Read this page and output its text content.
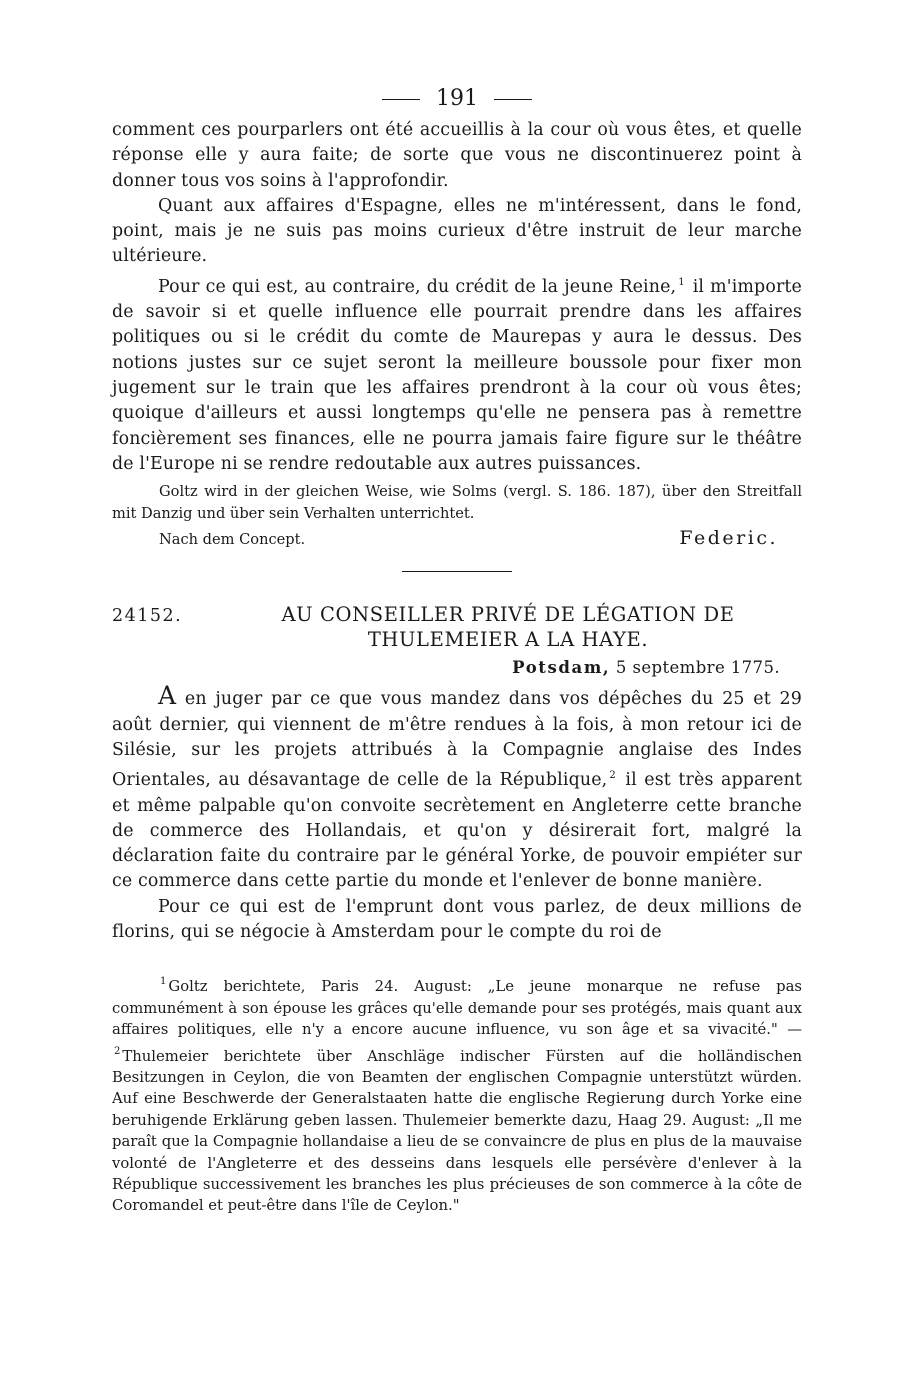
191

comment ces pourparlers ont été accueillis à la cour où vous êtes, et quelle réponse elle y aura faite; de sorte que vous ne discontinuerez point à donner tous vos soins à l'approfondir.

Quant aux affaires d'Espagne, elles ne m'intéressent, dans le fond, point, mais je ne suis pas moins curieux d'être instruit de leur marche ultérieure.

Pour ce qui est, au contraire, du crédit de la jeune Reine, $^1$ il m'importe de savoir si et quelle influence elle pourrait prendre dans les affaires politiques ou si le crédit du comte de Maurepas y aura le dessus. Des notions justes sur ce sujet seront la meilleure boussole pour fixer mon jugement sur le train que les affaires prendront à la cour où vous êtes; quoique d'ailleurs et aussi longtemps qu'elle ne pensera pas à remettre foncièrement ses finances, elle ne pourra jamais faire figure sur le théâtre de l'Europe ni se rendre redoutable aux autres puissances.

Goltz wird in der gleichen Weise, wie Solms (vergl. S. 186. 187), über den Streitfall mit Danzig und über sein Verhalten unterrichtet.

Nach dem Concept.	Federic.
24152.	AU CONSEILLER PRIVÉ DE LÉGATION DE THULEMEIER A LA HAYE.
Potsdam, 5 septembre 1775.

A en juger par ce que vous mandez dans vos dépêches du 25 et 29 août dernier, qui viennent de m'être rendues à la fois, à mon retour ici de Silésie, sur les projets attribués à la Compagnie anglaise des Indes Orientales, au désavantage de celle de la République, $^2$ il est très apparent et même palpable qu'on convoite secrètement en Angleterre cette branche de commerce des Hollandais, et qu'on y désirerait fort, malgré la déclaration faite du contraire par le général Yorke, de pouvoir empiéter sur ce commerce dans cette partie du monde et l'enlever de bonne manière.

Pour ce qui est de l'emprunt dont vous parlez, de deux millions de florins, qui se négocie à Amsterdam pour le compte du roi de

$^1$ Goltz berichtete, Paris 24. August: „Le jeune monarque ne refuse pas communément à son épouse les grâces qu'elle demande pour ses protégés, mais quant aux affaires politiques, elle n'y a encore aucune influence, vu son âge et sa vivacité." — $^2$ Thulemeier berichtete über Anschläge indischer Fürsten auf die holländischen Besitzungen in Ceylon, die von Beamten der englischen Compagnie unterstützt würden. Auf eine Beschwerde der Generalstaaten hatte die englische Regierung durch Yorke eine beruhigende Erklärung geben lassen. Thulemeier bemerkte dazu, Haag 29. August: „Il me paraît que la Compagnie hollandaise a lieu de se convaincre de plus en plus de la mauvaise volonté de l'Angleterre et des desseins dans lesquels elle persévère d'enlever à la République successivement les branches les plus précieuses de son commerce à la côte de Coromandel et peut-être dans l'île de Ceylon."
